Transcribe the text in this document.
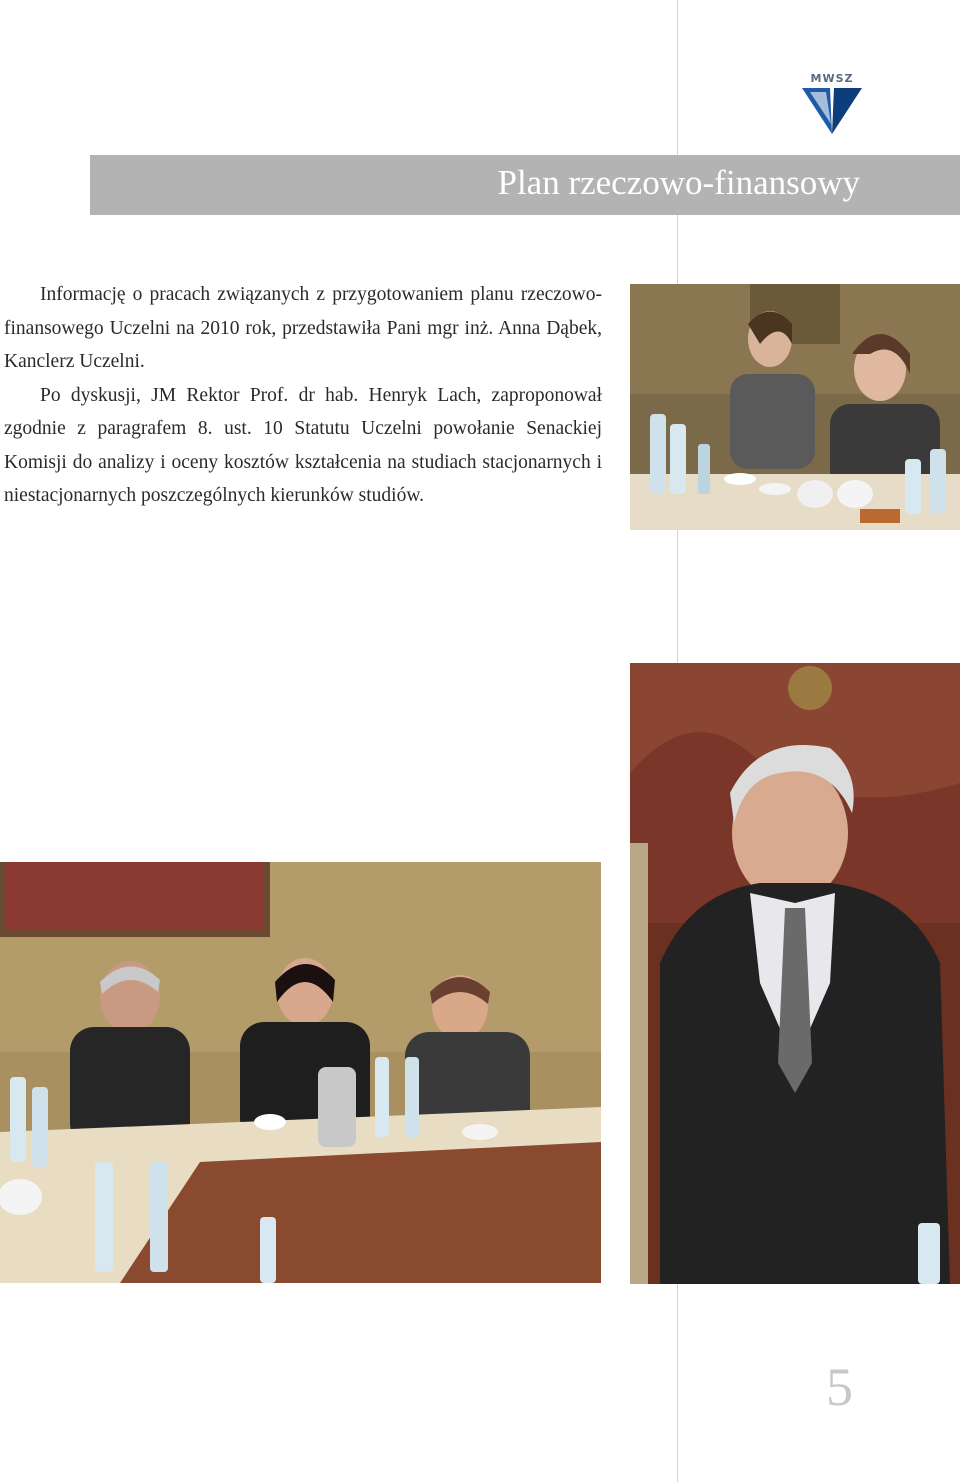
MWSZ
Plan rzeczowo-finansowy

Informację o pracach związanych z przygotowaniem planu rzeczowo-finansowego Uczelni na 2010 rok, przedstawiła Pani mgr inż. Anna Dąbek, Kanclerz Uczelni.

Po dyskusji, JM Rektor Prof. dr hab. Henryk Lach, zaproponował zgodnie z paragrafem 8. ust. 10 Statutu Uczelni powołanie Senackiej Komisji do analizy i oceny kosztów kształcenia na studiach stacjonarnych i niestacjonarnych poszczególnych kierunków studiów.

5
